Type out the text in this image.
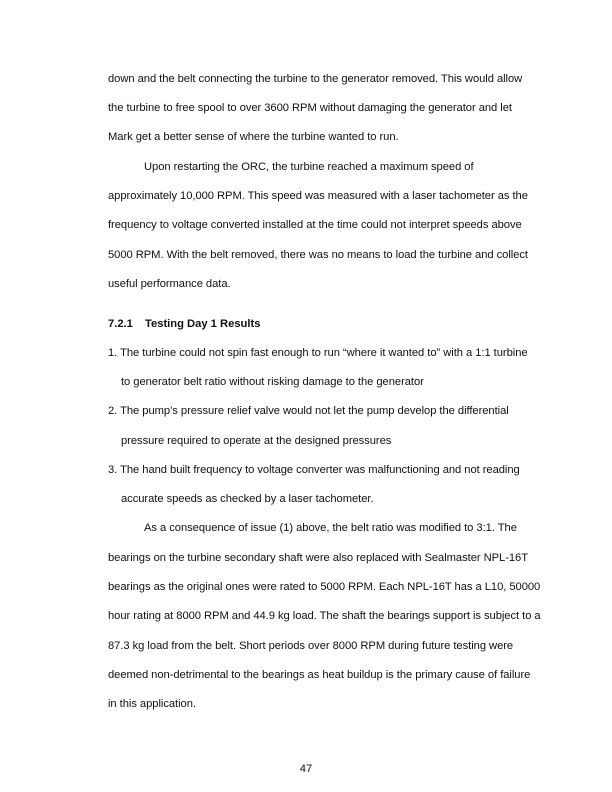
down and the belt connecting the turbine to the generator removed. This would allow
the turbine to free spool to over 3600 RPM without damaging the generator and let
Mark get a better sense of where the turbine wanted to run.
Upon restarting the ORC, the turbine reached a maximum speed of
approximately 10,000 RPM. This speed was measured with a laser tachometer as the
frequency to voltage converted installed at the time could not interpret speeds above
5000 RPM. With the belt removed, there was no means to load the turbine and collect
useful performance data.
7.2.1 Testing Day 1 Results
1. The turbine could not spin fast enough to run “where it wanted to” with a 1:1 turbine
to generator belt ratio without risking damage to the generator
2. The pump’s pressure relief valve would not let the pump develop the differential
pressure required to operate at the designed pressures
3. The hand built frequency to voltage converter was malfunctioning and not reading
accurate speeds as checked by a laser tachometer.
As a consequence of issue (1) above, the belt ratio was modified to 3:1. The
bearings on the turbine secondary shaft were also replaced with Sealmaster NPL-16T
bearings as the original ones were rated to 5000 RPM. Each NPL-16T has a L10, 50000
hour rating at 8000 RPM and 44.9 kg load. The shaft the bearings support is subject to a
87.3 kg load from the belt. Short periods over 8000 RPM during future testing were
deemed non-detrimental to the bearings as heat buildup is the primary cause of failure
in this application.
47
